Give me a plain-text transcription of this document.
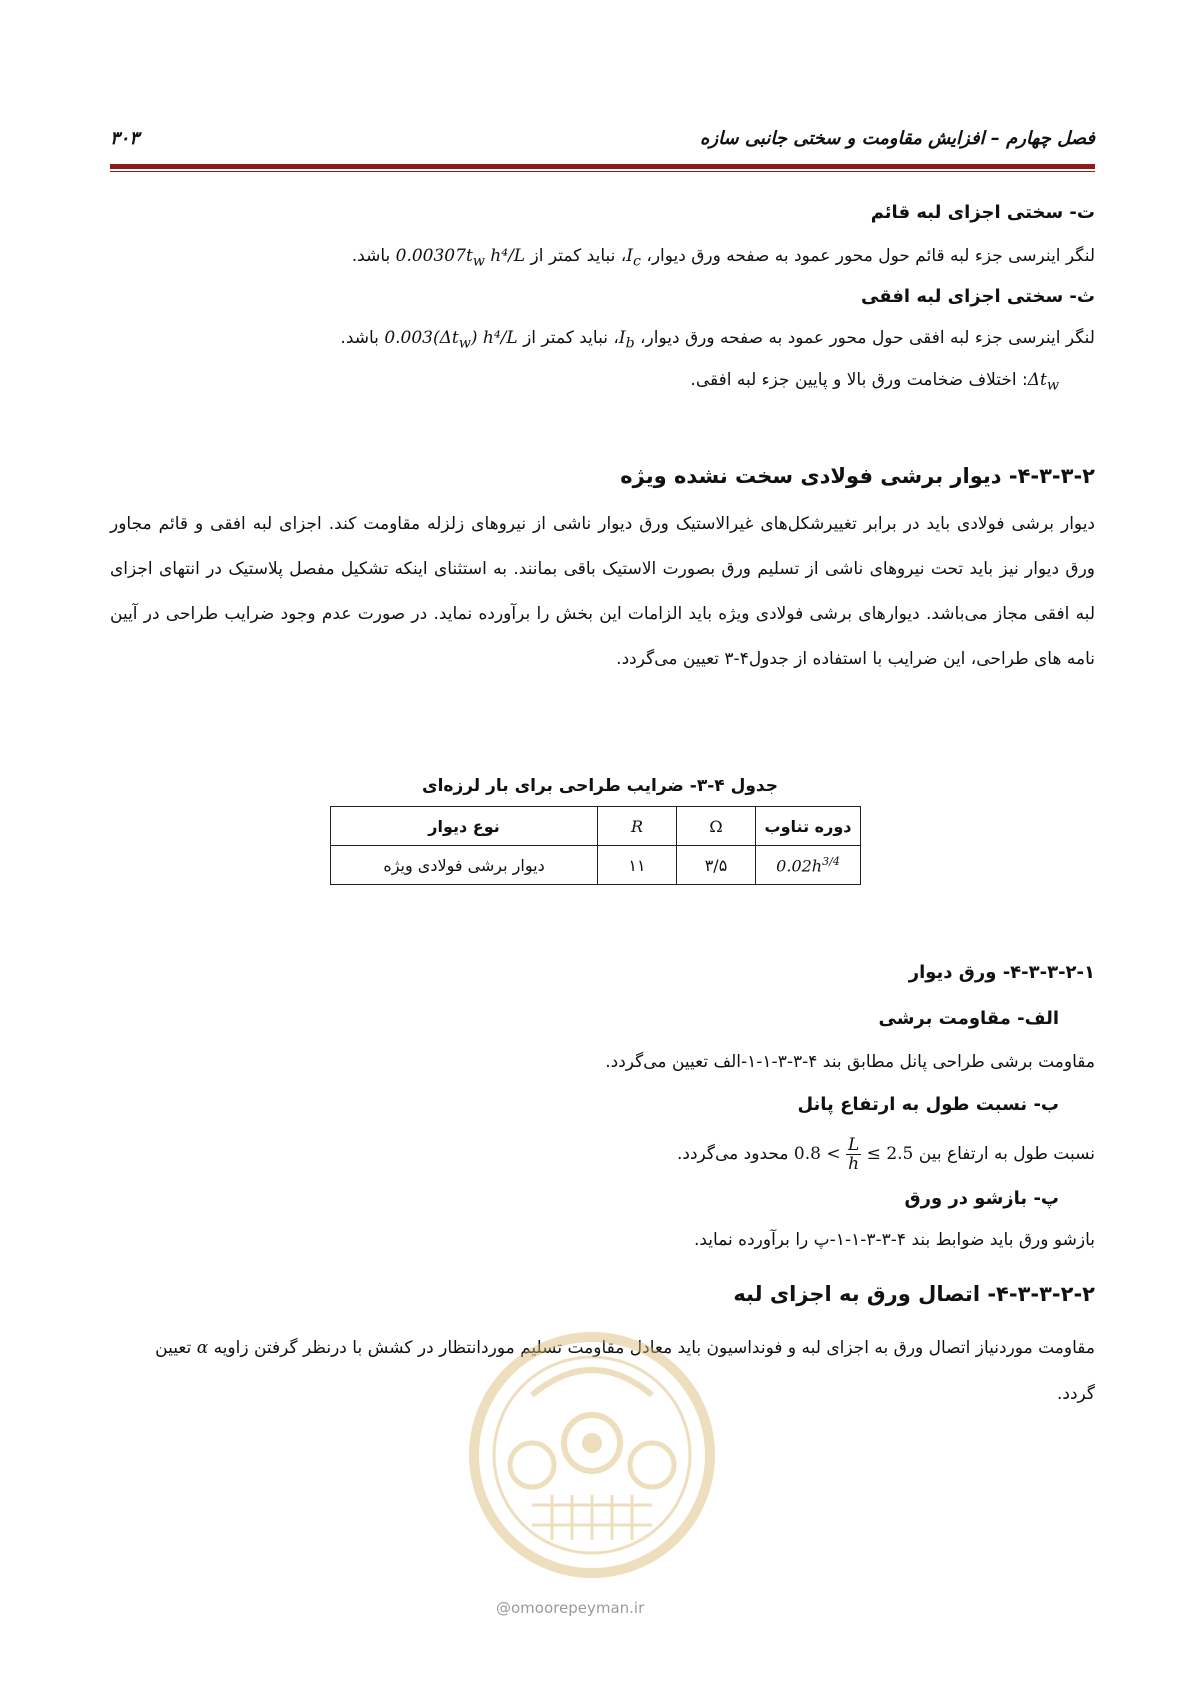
فصل چهارم – افزایش مقاومت و سختی جانبی سازه
۳۰۳
ت- سختی اجزای لبه قائم
لنگر اینرسی جزء لبه قائم حول محور عمود به صفحه ورق دیوار، $I_c،$ نباید کمتر از $0.00307t_w$ h⁴/L باشد.
ث- سختی اجزای لبه افقی
لنگر اینرسی جزء لبه افقی حول محور عمود به صفحه ورق دیوار، $I_b،$ نباید کمتر از $0.003(\Delta t_w)$ h⁴/L باشد.
$\Delta t_w$: اختلاف ضخامت ورق بالا و پایین جزء لبه افقی.
۴-۳-۳-۲- دیوار برشی فولادی سخت نشده ویژه
دیوار برشی فولادی باید در برابر تغییرشکل‌های غیرالاستیک ورق دیوار ناشی از نیروهای زلزله مقاومت کند. اجزای لبه افقی و قائم مجاور ورق دیوار نیز باید تحت نیروهای ناشی از تسلیم ورق بصورت الاستیک باقی بمانند. به استثنای اینکه تشکیل مفصل پلاستیک در انتهای اجزای لبه افقی مجاز می‌باشد. دیوارهای برشی فولادی ویژه باید الزامات این بخش را برآورده نماید. در صورت عدم وجود ضرایب طراحی در آیین نامه های طراحی، این ضرایب با استفاده از جدول۴-۳ تعیین می‌گردد.
جدول ۴-۳- ضرایب طراحی برای بار لرزه‌ای
دوره تناوب	Ω	R	نوع دیوار
$0.02h^{3/4}$	۳/۵	۱۱	دیوار برشی فولادی ویژه
۴-۳-۳-۲-۱- ورق دیوار
الف- مقاومت برشی
مقاومت برشی طراحی پانل مطابق بند ۴-۳-۳-۱-۱-الف تعیین می‌گردد.
ب- نسبت طول به ارتفاع پانل
نسبت طول به ارتفاع بین $0.8 < \frac{L}{h} \le 2.5$ محدود می‌گردد.
پ- بازشو در ورق
بازشو ورق باید ضوابط بند ۴-۳-۳-۱-۱-پ را برآورده نماید.
۴-۳-۳-۲-۲- اتصال ورق به اجزای لبه
مقاومت موردنیاز اتصال ورق به اجزای لبه و فونداسیون باید معادل مقاومت تسلیم موردانتظار در کشش با درنظر گرفتن زاویه α تعیین
گردد.
@omoorepeyman.ir
